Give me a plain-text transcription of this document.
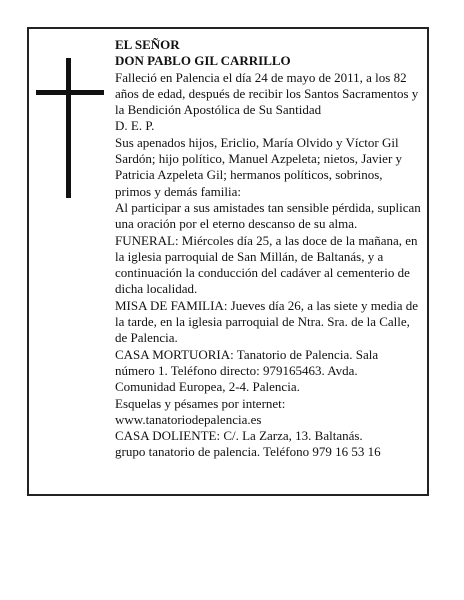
EL SEÑOR

DON PABLO GIL CARRILLO

Falleció en Palencia el día 24 de mayo de 2011, a los 82 años de edad, después de recibir los Santos Sacramentos y la Bendición Apostólica de Su Santidad

D. E. P.

Sus apenados hijos, Ericlio, María Olvido y Víctor Gil Sardón; hijo político, Manuel Azpeleta; nietos, Javier y Patricia Azpeleta Gil; hermanos políticos, sobrinos, primos y demás familia:

Al participar a sus amistades tan sensible pérdida, suplican una oración por el eterno descanso de su alma.

FUNERAL: Miércoles día 25, a las doce de la mañana, en la iglesia parroquial de San Millán, de Baltanás, y a continuación la conducción del cadáver al cementerio de dicha localidad.

MISA DE FAMILIA: Jueves día 26, a las siete y media de la tarde, en la iglesia parroquial de Ntra. Sra. de la Calle, de Palencia.

CASA MORTUORIA: Tanatorio de Palencia. Sala número 1. Teléfono directo: 979165463. Avda. Comunidad Europea, 2-4. Palencia.

Esquelas y pésames por internet:

www.tanatoriodepalencia.es

CASA DOLIENTE: C/. La Zarza, 13. Baltanás.

grupo tanatorio de palencia. Teléfono 979 16 53 16
